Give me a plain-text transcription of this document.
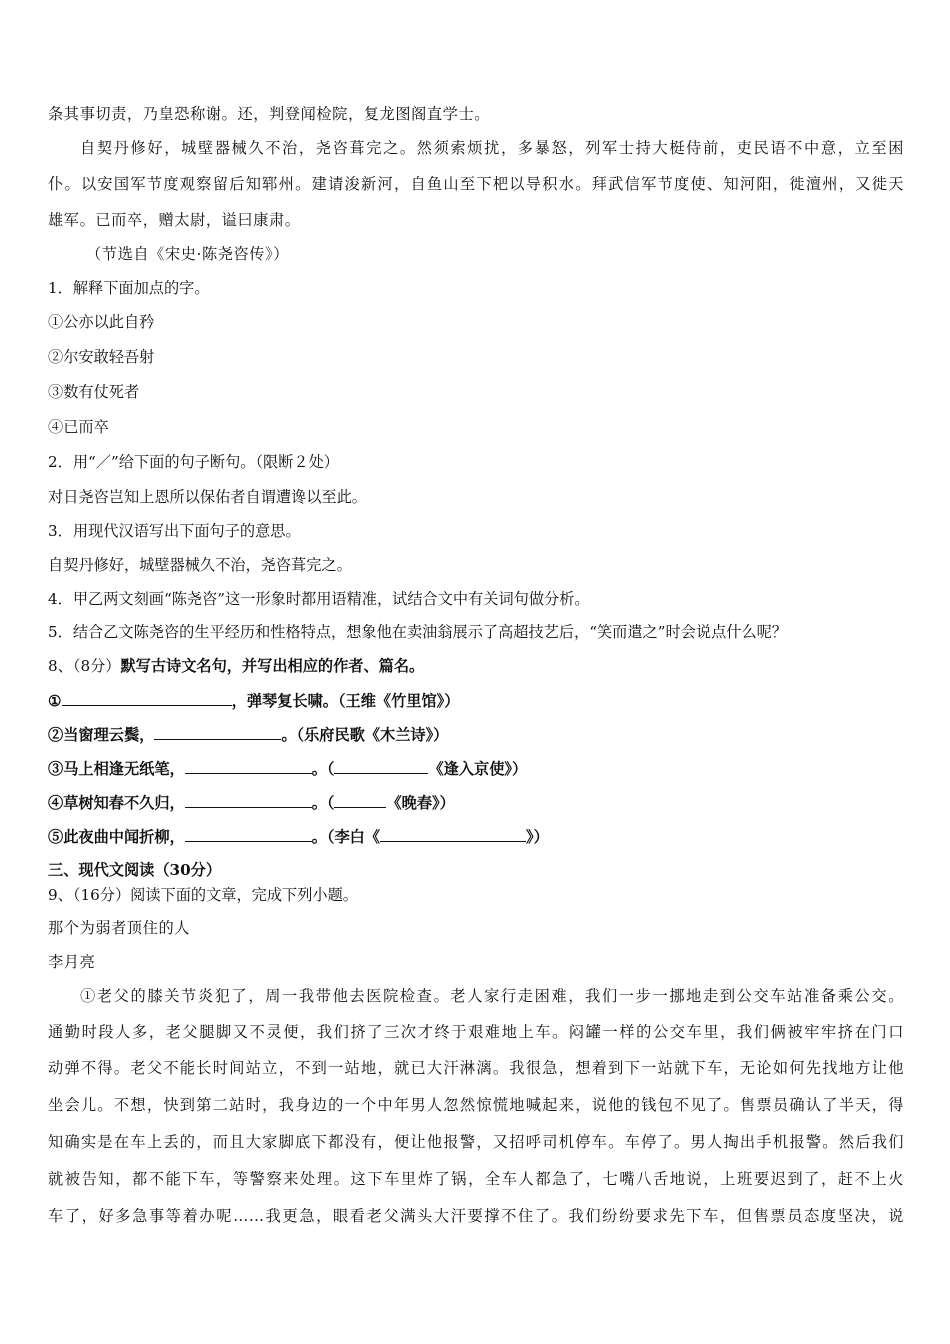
条其事切责，乃皇恐称谢。还，判登闻检院，复龙图阁直学士。

自契丹修好，城壁器械久不治，尧咨葺完之。然须索烦扰，多暴怒，列军士持大梃侍前，吏民语不中意，立至困

仆。以安国军节度观察留后知郓州。建请浚新河，自鱼山至下杷以导积水。拜武信军节度使、知河阳，徙澶州，又徙天

雄军。已而卒，赠太尉，谥曰康肃。

（节选自《宋史·陈尧咨传》）

1．解释下面加点的字。

①公亦以此自矜

②尔安敢轻吾射

③数有仗死者

④已而卒

2．用“／”给下面的句子断句。（限断２处）

对日尧咨岂知上恩所以保佑者自谓遭谗以至此。

3．用现代汉语写出下面句子的意思。

自契丹修好，城壁器械久不治，尧咨葺完之。

4．甲乙两文刻画“陈尧咨”这一形象时都用语精准，试结合文中有关词句做分析。

5．结合乙文陈尧咨的生平经历和性格特点，想象他在卖油翁展示了高超技艺后，“笑而遣之”时会说点什么呢？

8、（8分）默写古诗文名句，并写出相应的作者、篇名。

①	，弹琴复长啸。（王维《竹里馆》）

②当窗理云鬓，	。（乐府民歌《木兰诗》）

③马上相逢无纸笔，	。（	《逢入京使》）

④草树知春不久归，	。（	《晚春》）

⑤此夜曲中闻折柳，	。（李白《	》）

三、现代文阅读（30分）

9、（16分）阅读下面的文章，完成下列小题。

那个为弱者顶住的人

李月亮

①老父的膝关节炎犯了，周一我带他去医院检查。老人家行走困难，我们一步一挪地走到公交车站准备乘公交。

通勤时段人多，老父腿脚又不灵便，我们挤了三次才终于艰难地上车。闷罐一样的公交车里，我们俩被牢牢挤在门口

动弹不得。老父不能长时间站立，不到一站地，就已大汗淋漓。我很急，想着到下一站就下车，无论如何先找地方让他

坐会儿。不想，快到第二站时，我身边的一个中年男人忽然惊慌地喊起来，说他的钱包不见了。售票员确认了半天，得

知确实是在车上丢的，而且大家脚底下都没有，便让他报警，又招呼司机停车。车停了。男人掏出手机报警。然后我们

就被告知，都不能下车，等警察来处理。这下车里炸了锅，全车人都急了，七嘴八舌地说，上班要迟到了，赶不上火

车了，好多急事等着办呢……我更急，眼看老父满头大汗要撑不住了。我们纷纷要求先下车，但售票员态度坚决，说
